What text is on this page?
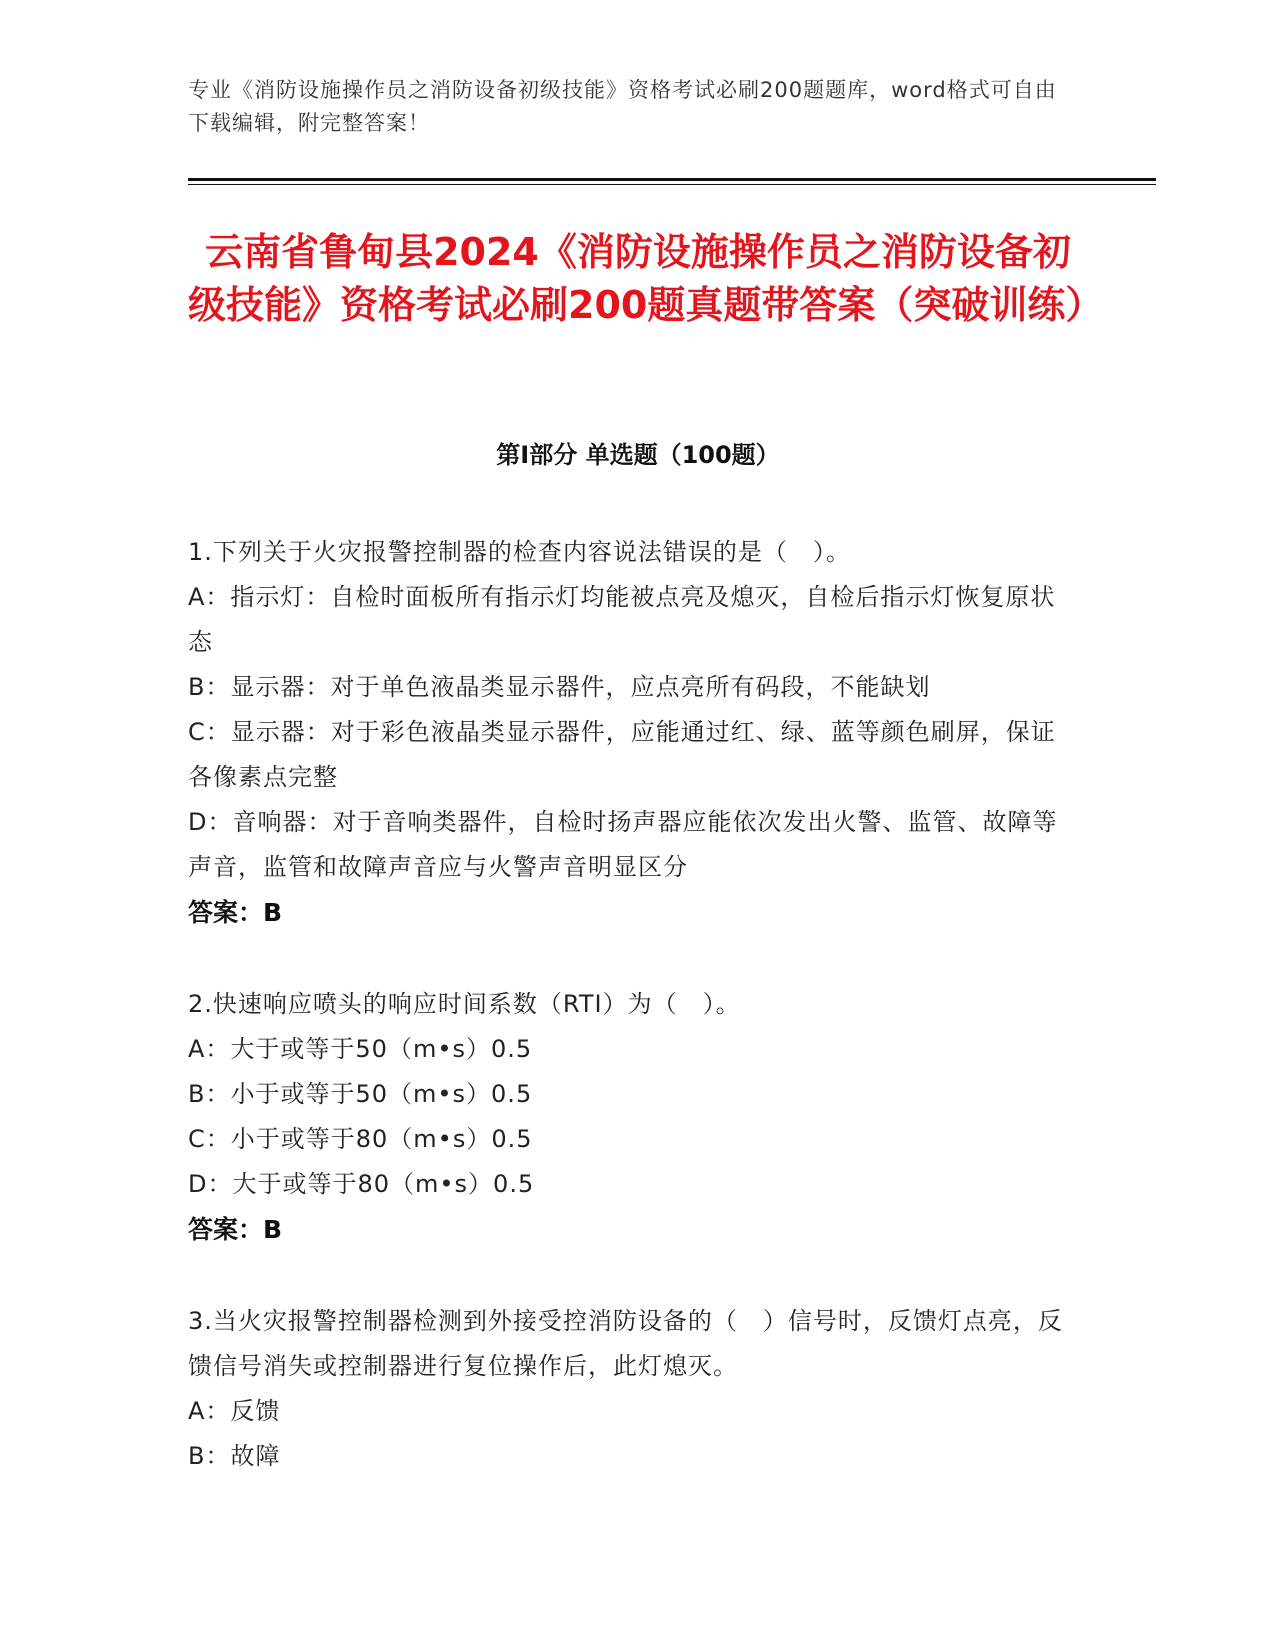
专业《消防设施操作员之消防设备初级技能》资格考试必刷200题题库，word格式可自由下载编辑，附完整答案！
云南省鲁甸县2024《消防设施操作员之消防设备初级技能》资格考试必刷200题真题带答案（突破训练）
第Ⅰ部分 单选题（100题）
1.下列关于火灾报警控制器的检查内容说法错误的是（　）。
A：指示灯：自检时面板所有指示灯均能被点亮及熄灭，自检后指示灯恢复原状态
B：显示器：对于单色液晶类显示器件，应点亮所有码段，不能缺划
C：显示器：对于彩色液晶类显示器件，应能通过红、绿、蓝等颜色刷屏，保证各像素点完整
D：音响器：对于音响类器件，自检时扬声器应能依次发出火警、监管、故障等声音，监管和故障声音应与火警声音明显区分
答案：B
2.快速响应喷头的响应时间系数（RTI）为（　）。
A：大于或等于50（m•s）0.5
B：小于或等于50（m•s）0.5
C：小于或等于80（m•s）0.5
D：大于或等于80（m•s）0.5
答案：B
3.当火灾报警控制器检测到外接受控消防设备的（　）信号时，反馈灯点亮，反馈信号消失或控制器进行复位操作后，此灯熄灭。
A：反馈
B：故障
